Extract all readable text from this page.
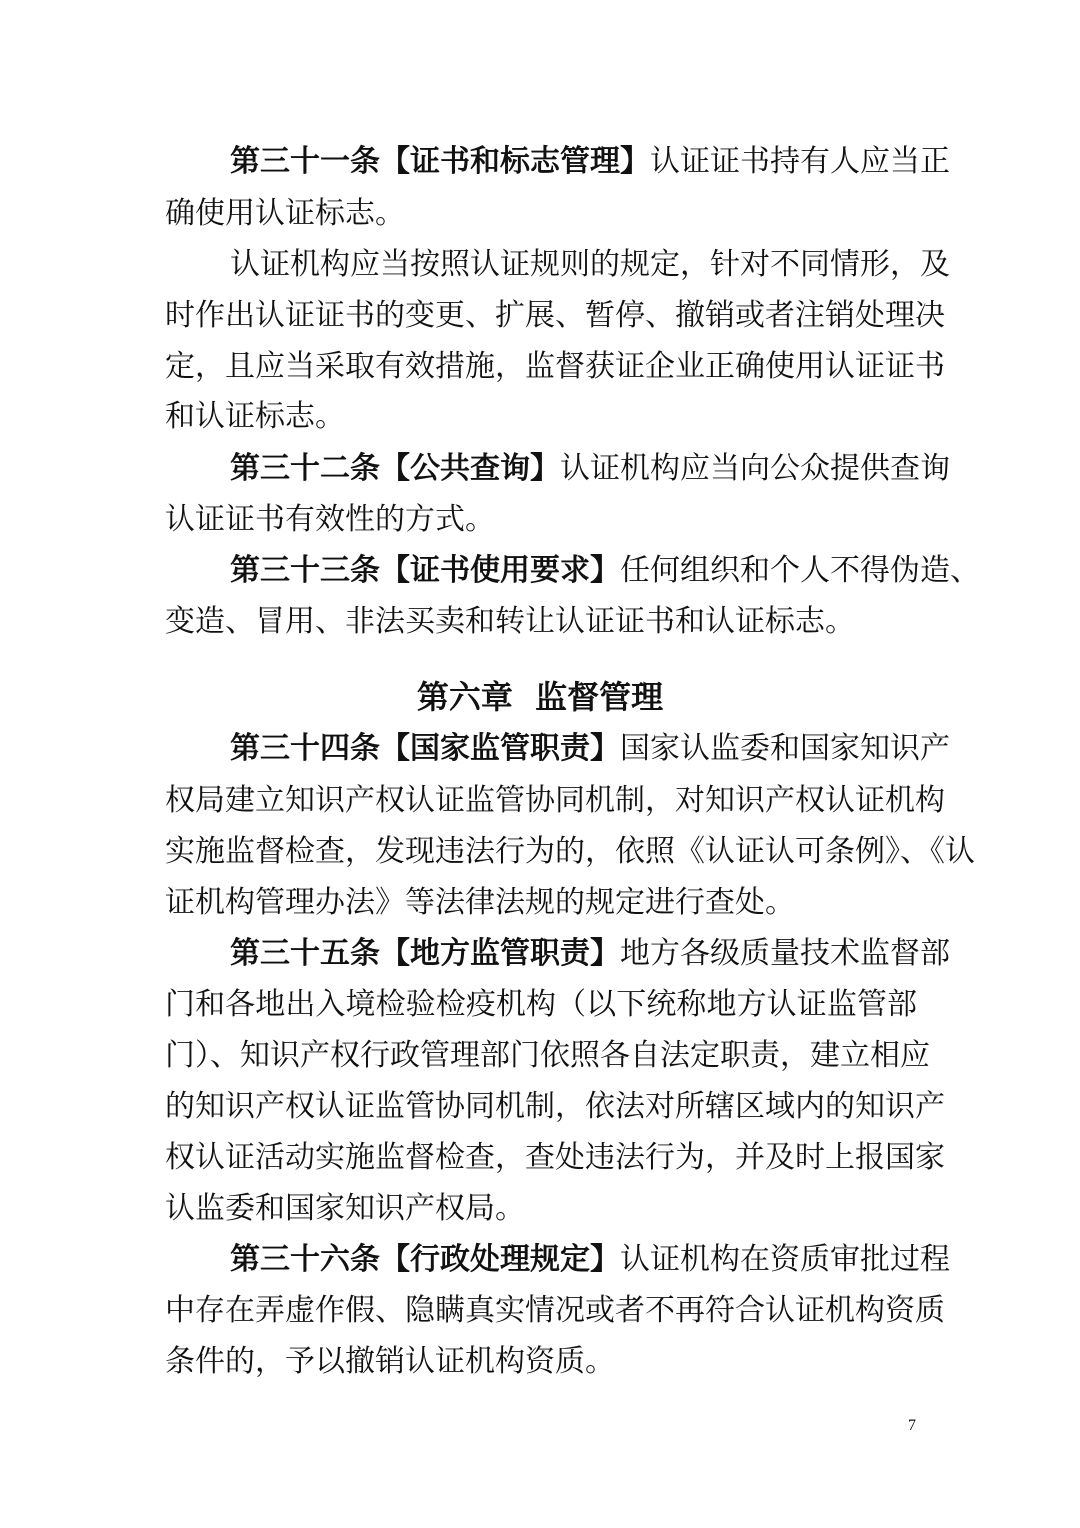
第三十一条【证书和标志管理】认证证书持有人应当正
确使用认证标志。
认证机构应当按照认证规则的规定，针对不同情形，及
时作出认证证书的变更、扩展、暂停、撤销或者注销处理决
定，且应当采取有效措施，监督获证企业正确使用认证证书
和认证标志。
第三十二条【公共查询】认证机构应当向公众提供查询
认证证书有效性的方式。
第三十三条【证书使用要求】任何组织和个人不得伪造、
变造、冒用、非法买卖和转让认证证书和认证标志。
第六章  监督管理
第三十四条【国家监管职责】国家认监委和国家知识产
权局建立知识产权认证监管协同机制，对知识产权认证机构
实施监督检查，发现违法行为的，依照《认证认可条例》、《认
证机构管理办法》等法律法规的规定进行查处。
第三十五条【地方监管职责】地方各级质量技术监督部
门和各地出入境检验检疫机构（以下统称地方认证监管部
门）、知识产权行政管理部门依照各自法定职责，建立相应
的知识产权认证监管协同机制，依法对所辖区域内的知识产
权认证活动实施监督检查，查处违法行为，并及时上报国家
认监委和国家知识产权局。
第三十六条【行政处理规定】认证机构在资质审批过程
中存在弄虚作假、隐瞒真实情况或者不再符合认证机构资质
条件的，予以撤销认证机构资质。
7
